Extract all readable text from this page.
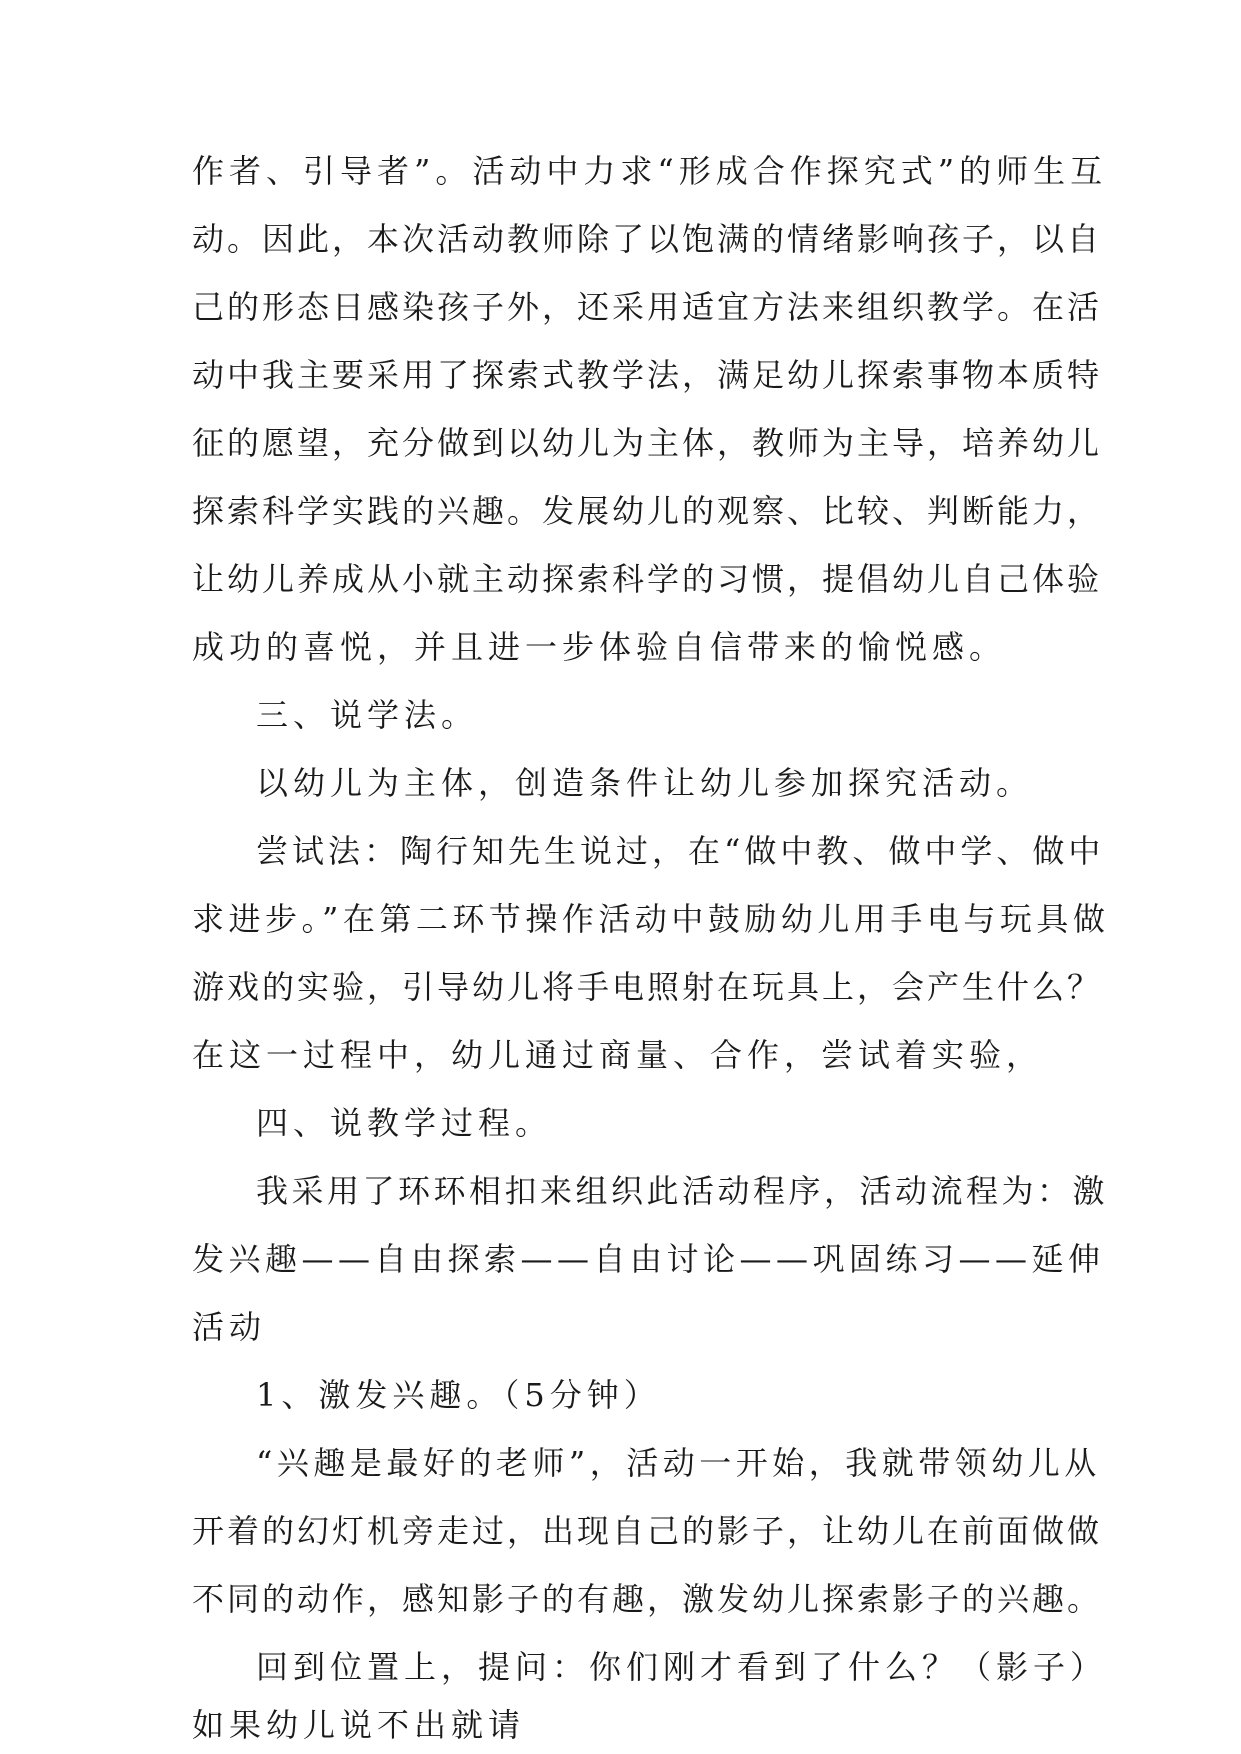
作者、引导者”。活动中力求“形成合作探究式”的师生互
动。因此，本次活动教师除了以饱满的情绪影响孩子，以自
己的形态日感染孩子外，还采用适宜方法来组织教学。在活
动中我主要采用了探索式教学法，满足幼儿探索事物本质特
征的愿望，充分做到以幼儿为主体，教师为主导，培养幼儿
探索科学实践的兴趣。发展幼儿的观察、比较、判断能力，
让幼儿养成从小就主动探索科学的习惯，提倡幼儿自己体验
成功的喜悦，并且进一步体验自信带来的愉悦感。
三、说学法。
以幼儿为主体，创造条件让幼儿参加探究活动。
尝试法：陶行知先生说过，在“做中教、做中学、做中
求进步。”在第二环节操作活动中鼓励幼儿用手电与玩具做
游戏的实验，引导幼儿将手电照射在玩具上，会产生什么？
在这一过程中，幼儿通过商量、合作，尝试着实验，
四、说教学过程。
我采用了环环相扣来组织此活动程序，活动流程为：激
发兴趣——自由探索——自由讨论——巩固练习——延伸
活动
1、激发兴趣。（5分钟）
“兴趣是最好的老师”，活动一开始，我就带领幼儿从
开着的幻灯机旁走过，出现自己的影子，让幼儿在前面做做
不同的动作，感知影子的有趣，激发幼儿探索影子的兴趣。
回到位置上，提问：你们刚才看到了什么？（影子）
如果幼儿说不出就请
